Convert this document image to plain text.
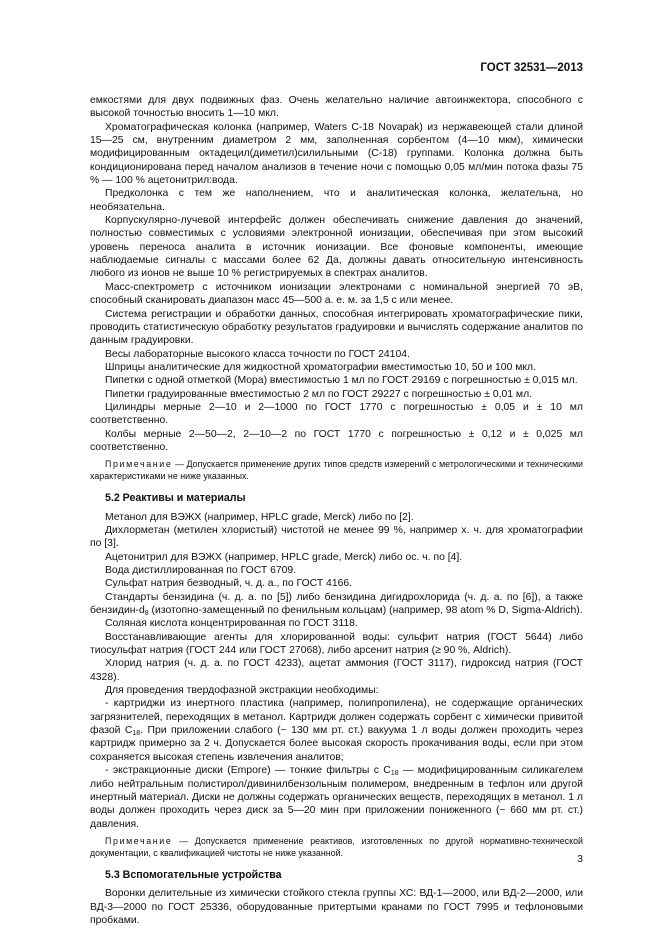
ГОСТ 32531—2013

емкостями для двух подвижных фаз. Очень желательно наличие автоинжектора, способного с высокой точностью вносить 1—10 мкл.

Хроматографическая колонка (например, Waters C-18 Novapak) из нержавеющей стали длиной 15—25 см, внутренним диаметром 2 мм, заполненная сорбентом (4—10 мкм), химически модифицированным октадецил(диметил)силильными (C-18) группами. Колонка должна быть кондиционирована перед началом анализов в течение ночи с помощью 0,05 мл/мин потока фазы 75 % — 100 % ацетонитрил:вода.

Предколонка с тем же наполнением, что и аналитическая колонка, желательна, но необязательна.

Корпускулярно-лучевой интерфейс должен обеспечивать снижение давления до значений, полностью совместимых с условиями электронной ионизации, обеспечивая при этом высокий уровень переноса аналита в источник ионизации. Все фоновые компоненты, имеющие наблюдаемые сигналы с массами более 62 Да, должны давать относительную интенсивность любого из ионов не выше 10 % регистрируемых в спектрах аналитов.

Масс-спектрометр с источником ионизации электронами с номинальной энергией 70 эВ, способный сканировать диапазон масс 45—500 а. е. м. за 1,5 с или менее.

Система регистрации и обработки данных, способная интегрировать хроматографические пики, проводить статистическую обработку результатов градуировки и вычислять содержание аналитов по данным градуировки.

Весы лабораторные высокого класса точности по ГОСТ 24104.

Шприцы аналитические для жидкостной хроматографии вместимостью 10, 50 и 100 мкл.

Пипетки с одной отметкой (Мора) вместимостью 1 мл по ГОСТ 29169 с погрешностью ± 0,015 мл.

Пипетки градуированные вместимостью 2 мл по ГОСТ 29227 с погрешностью ± 0,01 мл.

Цилиндры мерные 2—10 и 2—1000 по ГОСТ 1770 с погрешностью ± 0,05 и ± 10 мл соответственно.

Колбы мерные 2—50—2, 2—10—2 по ГОСТ 1770 с погрешностью ± 0,12 и ± 0,025 мл соответственно.

Примечание — Допускается применение других типов средств измерений с метрологическими и техническими характеристиками не ниже указанных.

5.2 Реактивы и материалы

Метанол для ВЭЖХ (например, HPLC grade, Merck) либо по [2].

Дихлорметан (метилен хлористый) чистотой не менее 99 %, например х. ч. для хроматографии по [3].

Ацетонитрил для ВЭЖХ (например, HPLC grade, Merck) либо ос. ч. по [4].

Вода дистиллированная по ГОСТ 6709.

Сульфат натрия безводный, ч. д. а., по ГОСТ 4166.

Стандарты бензидина (ч. д. а. по [5]) либо бензидина дигидрохлорида (ч. д. а. по [6]), а также бензидин-$d_8$ (изотопно-замещенный по фенильным кольцам) (например, 98 atom % D, Sigma-Aldrich).

Соляная кислота концентрированная по ГОСТ 3118.

Восстанавливающие агенты для хлорированной воды: сульфит натрия (ГОСТ 5644) либо тиосульфат натрия (ГОСТ 244 или ГОСТ 27068), либо арсенит натрия (≥ 90 %, Aldrich).

Хлорид натрия (ч. д. а. по ГОСТ 4233), ацетат аммония (ГОСТ 3117), гидроксид натрия (ГОСТ 4328).

Для проведения твердофазной экстракции необходимы:

- картриджи из инертного пластика (например, полипропилена), не содержащие органических загрязнителей, переходящих в метанол. Картридж должен содержать сорбент с химически привитой фазой $C_{18}$. При приложении слабого (~ 130 мм рт. ст.) вакуума 1 л воды должен проходить через картридж примерно за 2 ч. Допускается более высокая скорость прокачивания воды, если при этом сохраняется высокая степень извлечения аналитов;

- экстракционные диски (Empore) — тонкие фильтры с $C_{18}$ — модифицированным силикагелем либо нейтральным полистирол/дивинилбензольным полимером, внедренным в тефлон или другой инертный материал. Диски не должны содержать органических веществ, переходящих в метанол. 1 л воды должен проходить через диск за 5—20 мин при приложении пониженного (~ 660 мм рт. ст.) давления.

Примечание — Допускается применение реактивов, изготовленных по другой нормативно-технической документации, с квалификацией чистоты не ниже указанной.

5.3 Вспомогательные устройства

Воронки делительные из химически стойкого стекла группы ХС: ВД-1—2000, или ВД-2—2000, или ВД-3—2000 по ГОСТ 25336, оборудованные притертыми кранами по ГОСТ 7995 и тефлоновыми пробками.

3
